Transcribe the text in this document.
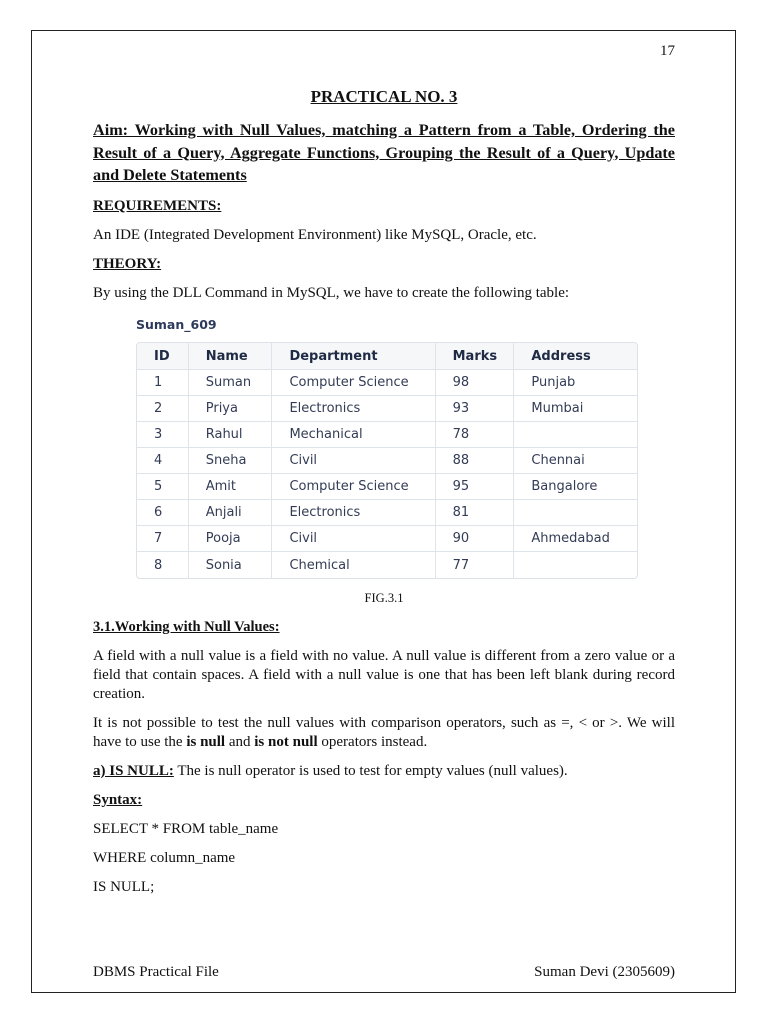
17
PRACTICAL NO. 3
Aim: Working with Null Values, matching a Pattern from a Table, Ordering the Result of a Query, Aggregate Functions, Grouping the Result of a Query, Update and Delete Statements
REQUIREMENTS:
An IDE (Integrated Development Environment) like MySQL, Oracle, etc.
THEORY:
By using the DLL Command in MySQL, we have to create the following table:
Suman_609
ID	Name	Department	Marks	Address
1	Suman	Computer Science	98	Punjab
2	Priya	Electronics	93	Mumbai
3	Rahul	Mechanical	78	
4	Sneha	Civil	88	Chennai
5	Amit	Computer Science	95	Bangalore
6	Anjali	Electronics	81	
7	Pooja	Civil	90	Ahmedabad
8	Sonia	Chemical	77	
FIG.3.1
3.1.Working with Null Values:
A field with a null value is a field with no value. A null value is different from a zero value or a field that contain spaces. A field with a null value is one that has been left blank during record creation.
It is not possible to test the null values with comparison operators, such as =, < or >. We will have to use the is null and is not null operators instead.
a) IS NULL: The is null operator is used to test for empty values (null values).
Syntax:
SELECT * FROM table_name
WHERE column_name
IS NULL;
DBMS Practical File	Suman Devi (2305609)
